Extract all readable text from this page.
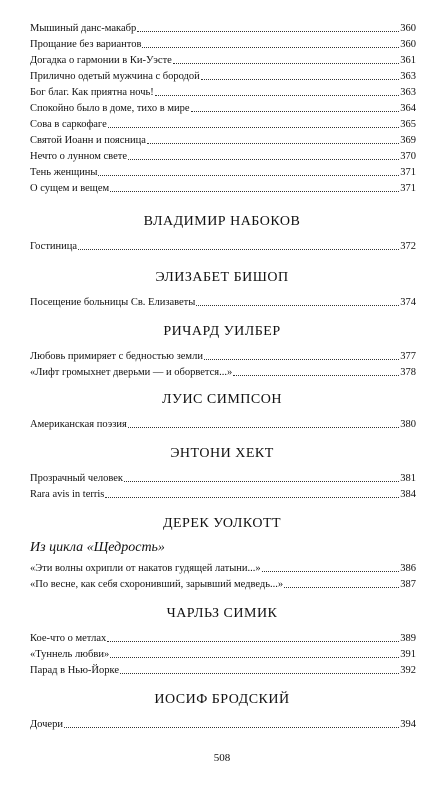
Мышиный данс-макабр	360
Прощание без вариантов	360
Догадка о гармонии в Ки-Уэсте	361
Прилично одетый мужчина с бородой	363
Бог благ. Как приятна ночь!	363
Спокойно было в доме, тихо в мире	364
Сова в саркофаге	365
Святой Иоанн и поясница	369
Нечто о лунном свете	370
Тень женщины	371
О сущем и вещем	371
ВЛАДИМИР НАБОКОВ
Гостиница	372
ЭЛИЗАБЕТ БИШОП
Посещение больницы Св. Елизаветы	374
РИЧАРД УИЛБЕР
Любовь примиряет с бедностью земли	377
«Лифт громыхнет дверьми — и оборвется...»	378
ЛУИС СИМПСОН
Американская поэзия	380
ЭНТОНИ ХЕКТ
Прозрачный человек	381
Rara avis in terris	384
ДЕРЕК УОЛКОТТ
Из цикла «Щедрость»
«Эти волны охрипли от накатов гудящей латыни...»	386
«По весне, как себя схоронивший, зарывший медведь...»	387
ЧАРЛЬЗ СИМИК
Кое-что о метлах	389
«Туннель любви»	391
Парад в Нью-Йорке	392
ИОСИФ БРОДСКИЙ
Дочери	394
508
